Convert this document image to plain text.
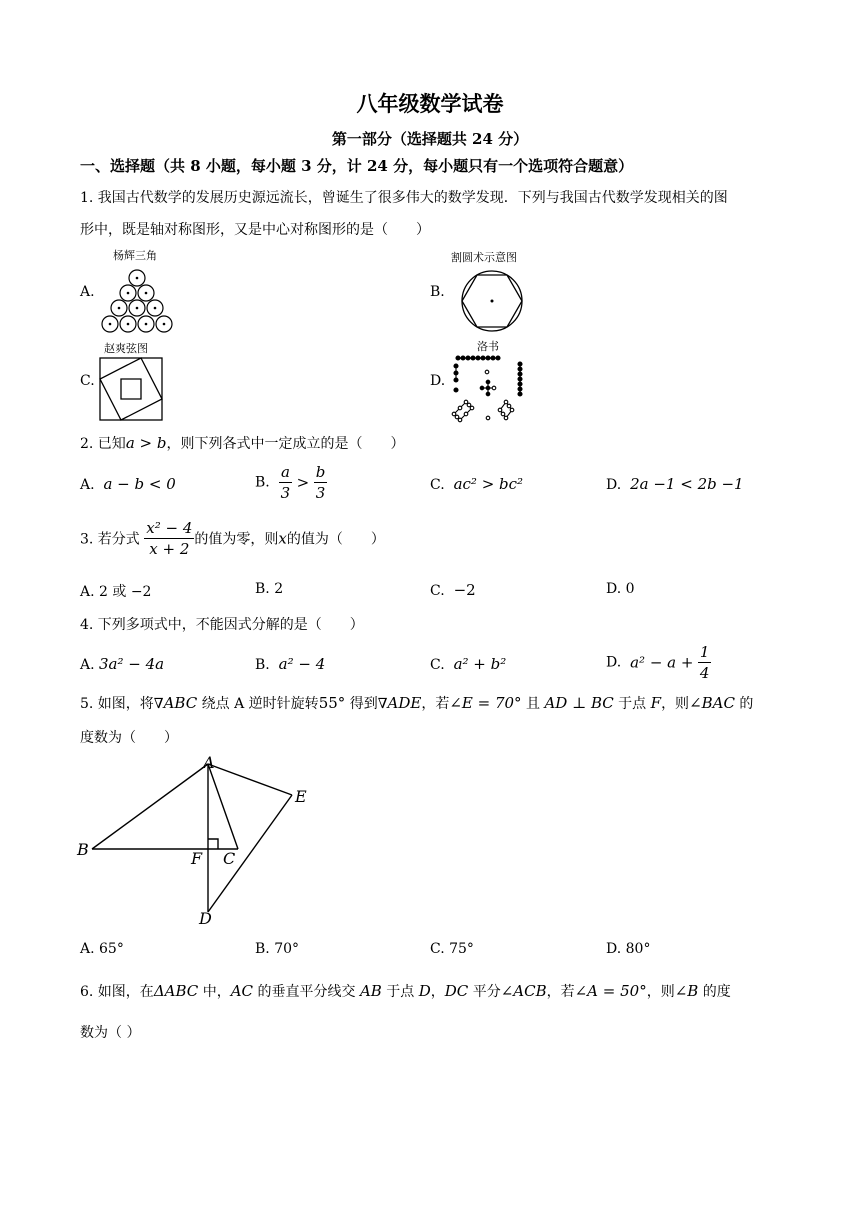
八年级数学试卷
第一部分（选择题共 24 分）
一、选择题（共 8 小题，每小题 3 分，计 24 分，每小题只有一个选项符合题意）
1. 我国古代数学的发展历史源远流长，曾诞生了很多伟大的数学发现．下列与我国古代数学发现相关的图
形中，既是轴对称图形，又是中心对称图形的是（　　）
杨辉三角
A.
割圆术示意图
B.
赵爽弦图
C.
洛书
D.
2. 已知a > b，则下列各式中一定成立的是（　　）
A. a − b < 0	B. $\frac{a}{3} > \frac{b}{3}$	C. ac² > bc²	D. 2a −1 < 2b −1
3. 若分式 $\frac{\text{x² − 4}}{x + 2}$ 的值为零，则x的值为（　　）
A. 2 或 −2	B. 2	C. −2	D. 0
4. 下列多项式中，不能因式分解的是（　　）
A. 3a² − 4a	B. a² − 4	C. a² + b²	D. $a^2 - a + \frac{1}{4}$
5. 如图，将∇ABC 绕点 A 逆时针旋转55° 得到∇ADE，若∠E = 70° 且 AD ⊥ BC 于点 F，则∠BAC 的
度数为（　　）
A
B	C
D
E
F
A. 65°	B. 70°	C. 75°	D. 80°
6. 如图，在ΔABC 中，AC 的垂直平分线交 AB 于点 D，DC 平分∠ACB，若∠A = 50°，则∠B 的度
数为（ ）
